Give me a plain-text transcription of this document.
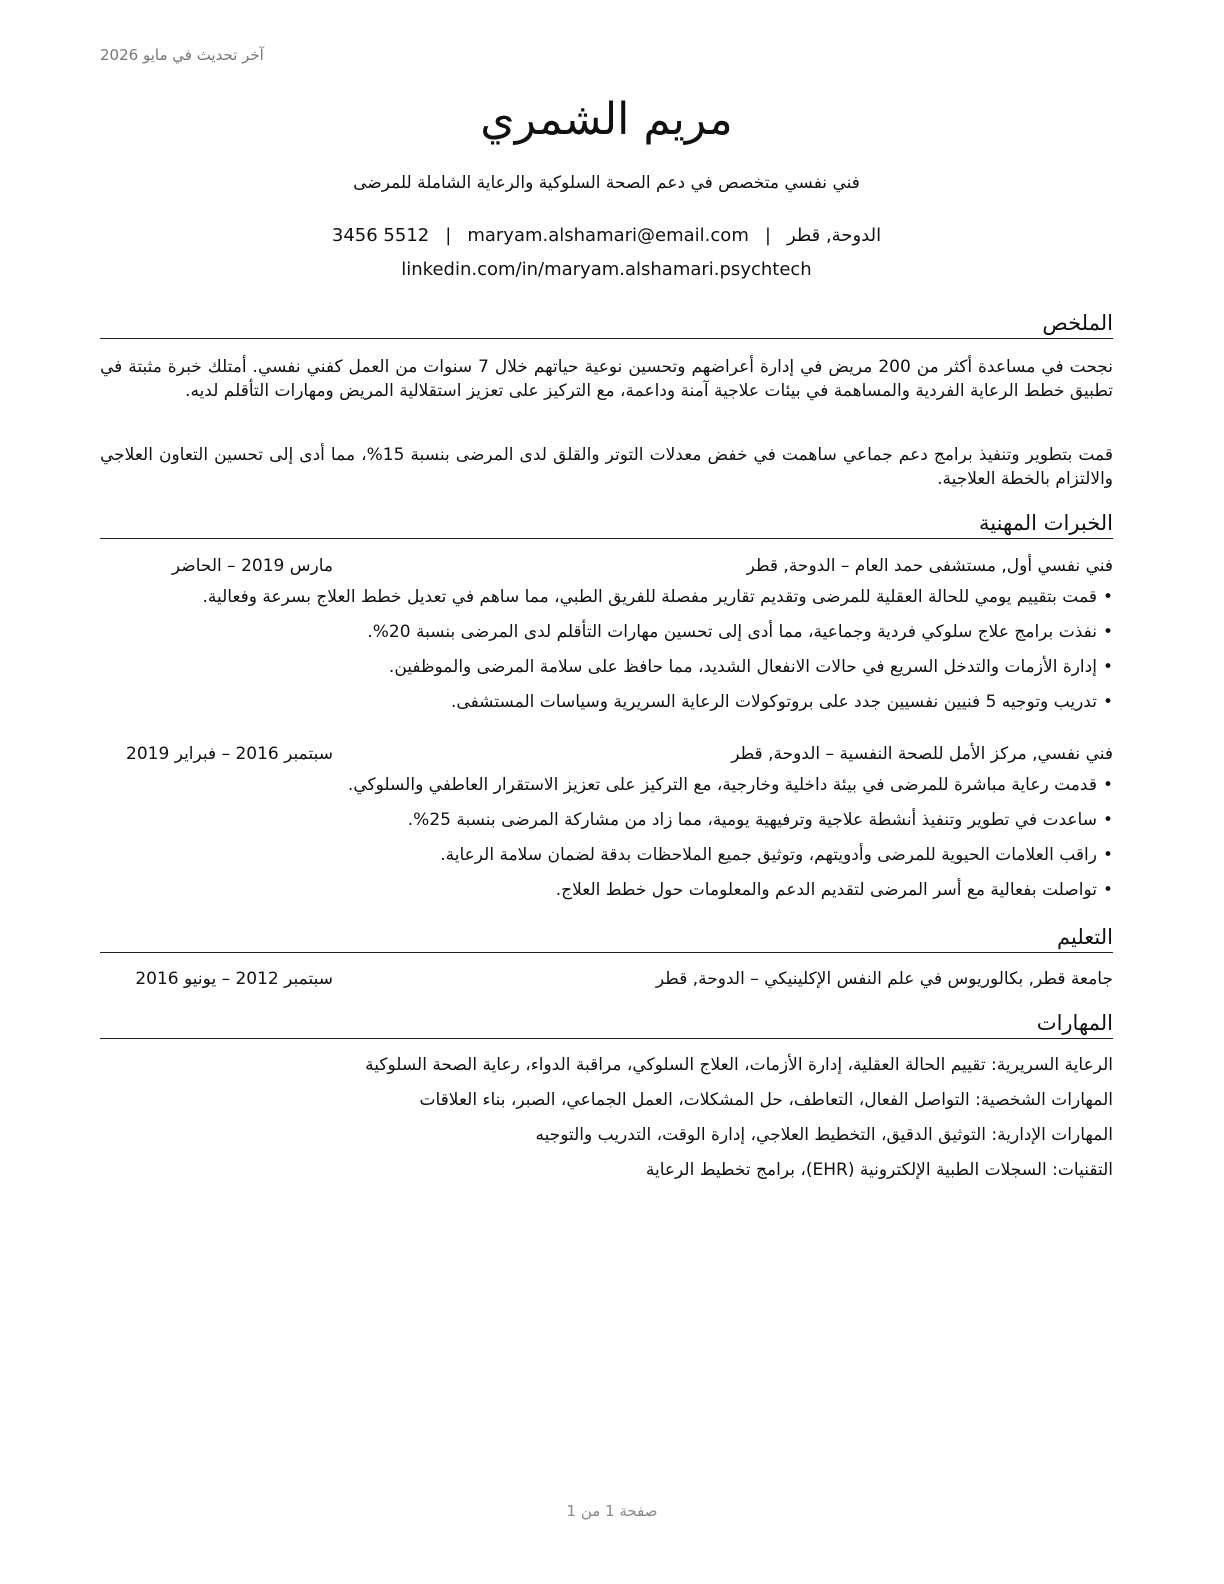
آخر تحديث في مايو 2026
مريم الشمري
فني نفسي متخصص في دعم الصحة السلوكية والرعاية الشاملة للمرضى
الدوحة, قطر|maryam.alshamari@email.com|3456 5512
linkedin.com/in/maryam.alshamari.psychtech
الملخص

نجحت في مساعدة أكثر من 200 مريض في إدارة أعراضهم وتحسين نوعية حياتهم خلال 7 سنوات من العمل كفني نفسي. أمتلك خبرة مثبتة في تطبيق خطط الرعاية الفردية والمساهمة في بيئات علاجية آمنة وداعمة، مع التركيز على تعزيز استقلالية المريض ومهارات التأقلم لديه.

قمت بتطوير وتنفيذ برامج دعم جماعي ساهمت في خفض معدلات التوتر والقلق لدى المرضى بنسبة 15%، مما أدى إلى تحسين التعاون العلاجي والالتزام بالخطة العلاجية.

الخبرات المهنية
فني نفسي أول, مستشفى حمد العام – الدوحة, قطر
مارس 2019 – الحاضر
• قمت بتقييم يومي للحالة العقلية للمرضى وتقديم تقارير مفصلة للفريق الطبي، مما ساهم في تعديل خطط العلاج بسرعة وفعالية.
• نفذت برامج علاج سلوكي فردية وجماعية، مما أدى إلى تحسين مهارات التأقلم لدى المرضى بنسبة 20%.
• إدارة الأزمات والتدخل السريع في حالات الانفعال الشديد، مما حافظ على سلامة المرضى والموظفين.
• تدريب وتوجيه 5 فنيين نفسيين جدد على بروتوكولات الرعاية السريرية وسياسات المستشفى.
فني نفسي, مركز الأمل للصحة النفسية – الدوحة, قطر
سبتمبر 2016 – فبراير 2019
• قدمت رعاية مباشرة للمرضى في بيئة داخلية وخارجية، مع التركيز على تعزيز الاستقرار العاطفي والسلوكي.
• ساعدت في تطوير وتنفيذ أنشطة علاجية وترفيهية يومية، مما زاد من مشاركة المرضى بنسبة 25%.
• راقب العلامات الحيوية للمرضى وأدويتهم، وتوثيق جميع الملاحظات بدقة لضمان سلامة الرعاية.
• تواصلت بفعالية مع أسر المرضى لتقديم الدعم والمعلومات حول خطط العلاج.
التعليم
جامعة قطر, بكالوريوس في علم النفس الإكلينيكي – الدوحة, قطر
سبتمبر 2012 – يونيو 2016
المهارات
الرعاية السريرية: تقييم الحالة العقلية، إدارة الأزمات، العلاج السلوكي، مراقبة الدواء، رعاية الصحة السلوكية
المهارات الشخصية: التواصل الفعال، التعاطف، حل المشكلات، العمل الجماعي، الصبر، بناء العلاقات
المهارات الإدارية: التوثيق الدقيق، التخطيط العلاجي، إدارة الوقت، التدريب والتوجيه
التقنيات: السجلات الطبية الإلكترونية (EHR)، برامج تخطيط الرعاية
صفحة 1 من 1
